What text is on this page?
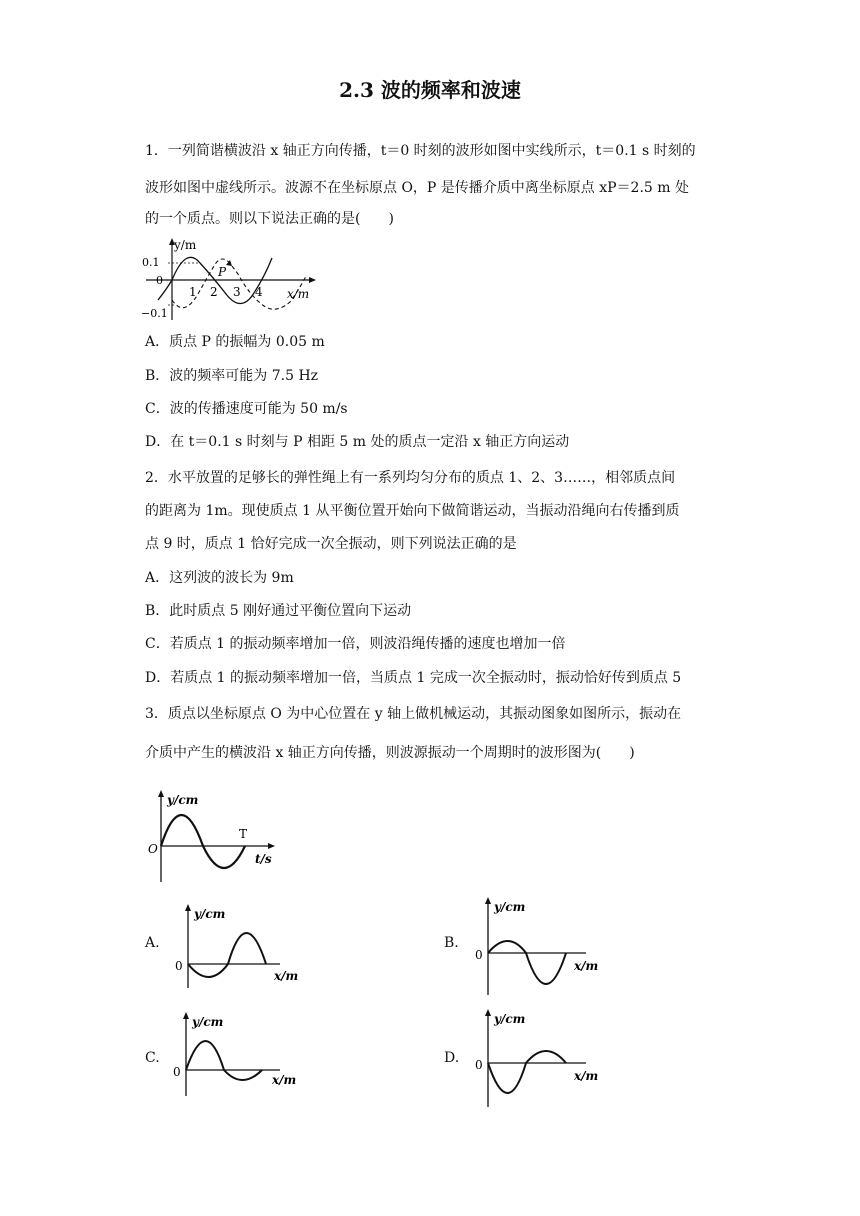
2.3 波的频率和波速
1．一列简谐横波沿 x 轴正方向传播，t＝0 时刻的波形如图中实线所示，t＝0.1 s 时刻的
波形如图中虚线所示。波源不在坐标原点 O，P 是传播介质中离坐标原点 xP＝2.5 m 处
的一个质点。则以下说法正确的是(　　)
y/m
0.1
0
−0.1
1 2 3 4
P
x/m
A．质点 P 的振幅为 0.05 m
B．波的频率可能为 7.5 Hz
C．波的传播速度可能为 50 m/s
D．在 t＝0.1 s 时刻与 P 相距 5 m 处的质点一定沿 x 轴正方向运动
2．水平放置的足够长的弹性绳上有一系列均匀分布的质点 1、2、3……，相邻质点间
的距离为 1m。现使质点 1 从平衡位置开始向下做简谐运动，当振动沿绳向右传播到质
点 9 时，质点 1 恰好完成一次全振动，则下列说法正确的是
A．这列波的波长为 9m
B．此时质点 5 刚好通过平衡位置向下运动
C．若质点 1 的振动频率增加一倍，则波沿绳传播的速度也增加一倍
D．若质点 1 的振动频率增加一倍，当质点 1 完成一次全振动时，振动恰好传到质点 5
3．质点以坐标原点 O 为中心位置在 y 轴上做机械运动，其振动图象如图所示，振动在
介质中产生的横波沿 x 轴正方向传播，则波源振动一个周期时的波形图为(　　)
y/cm
O
T
t/s
A.
y/cm
0
x/m
B.
y/cm
0
x/m
C.
y/cm
0
x/m
D.
y/cm
0
x/m
